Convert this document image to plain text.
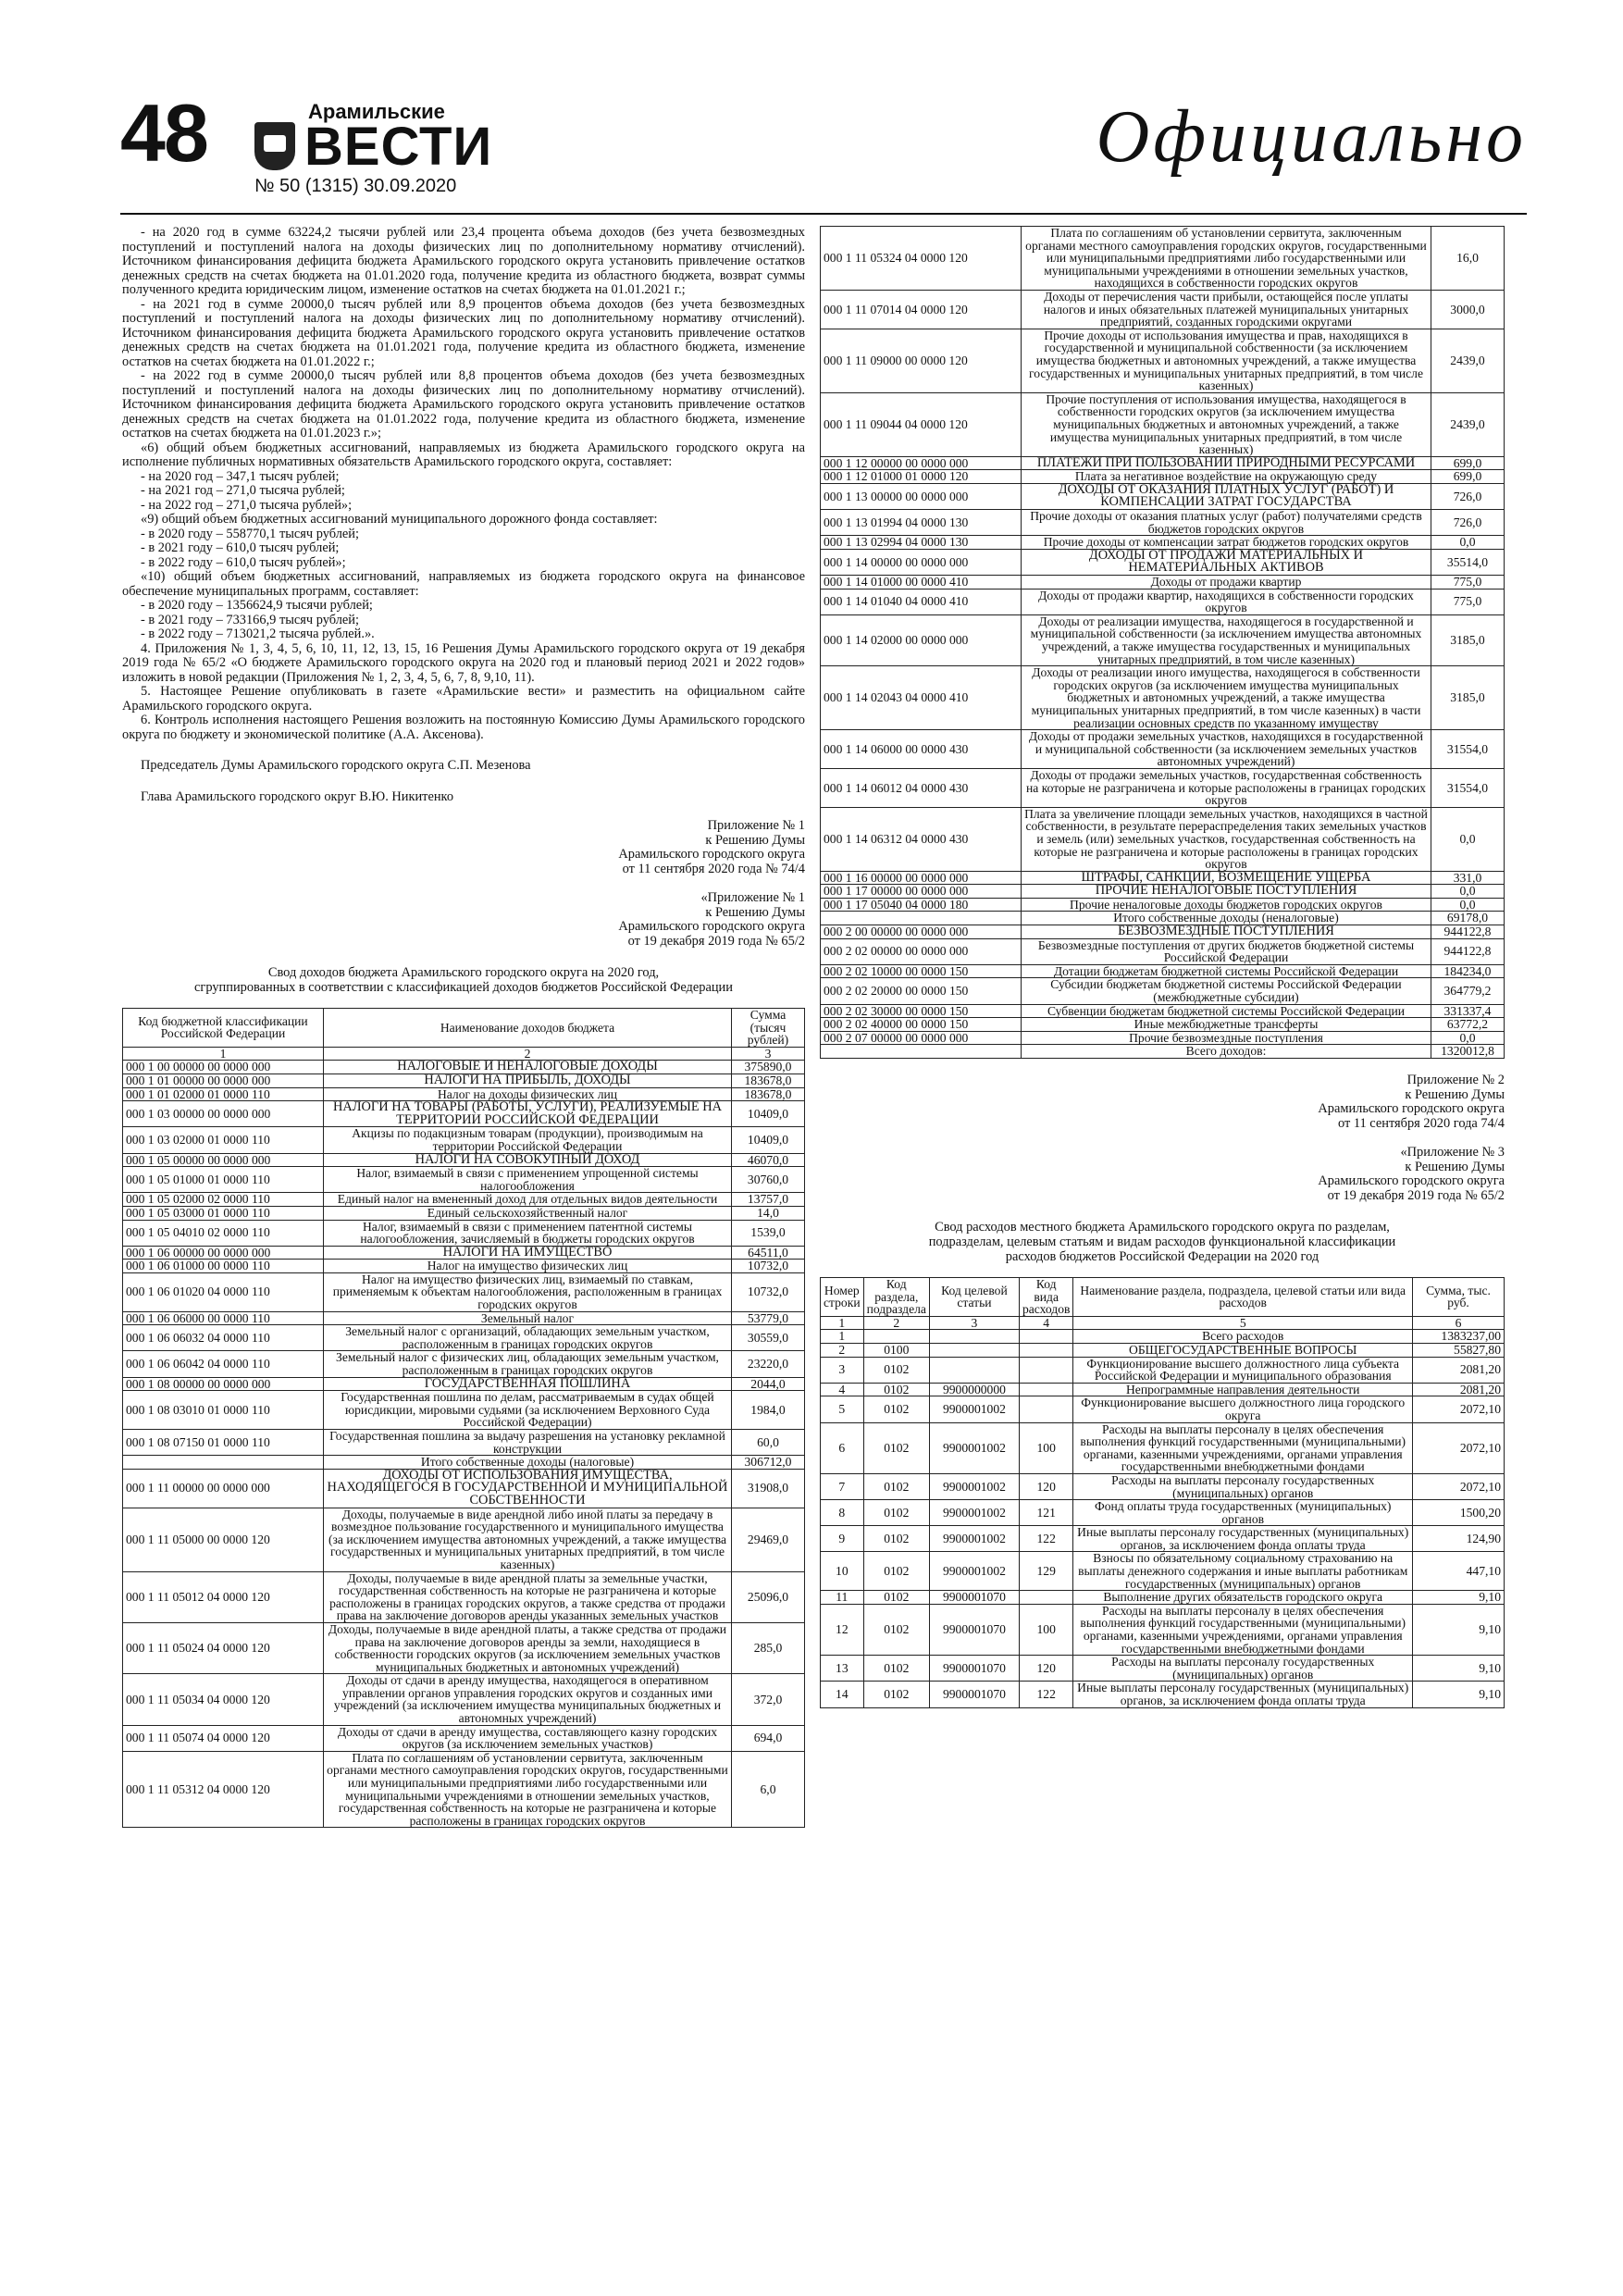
48	Арамильские
ВЕСТИ
№ 50 (1315) 30.09.2020
Официально

- на 2020 год в сумме 63224,2 тысячи рублей или 23,4 процента объема доходов (без учета безвозмездных поступлений и поступлений налога на доходы физических лиц по дополнительному нормативу отчислений). Источником финансирования дефицита бюджета Арамильского городского округа установить привлечение остатков денежных средств на счетах бюджета на 01.01.2020 года, получение кредита из областного бюджета, возврат суммы полученного кредита юридическим лицом, изменение остатков на счетах бюджета на 01.01.2021 г.;

- на 2021 год в сумме 20000,0 тысяч рублей или 8,9 процентов объема доходов (без учета безвозмездных поступлений и поступлений налога на доходы физических лиц по дополнительному нормативу отчислений). Источником финансирования дефицита бюджета Арамильского городского округа установить привлечение остатков денежных средств на счетах бюджета на 01.01.2021 года, получение кредита из областного бюджета, изменение остатков на счетах бюджета на 01.01.2022 г.;

- на 2022 год в сумме 20000,0 тысяч рублей или 8,8 процентов объема доходов (без учета безвозмездных поступлений и поступлений налога на доходы физических лиц по дополнительному нормативу отчислений). Источником финансирования дефицита бюджета Арамильского городского округа установить привлечение остатков денежных средств на счетах бюджета на 01.01.2022 года, получение кредита из областного бюджета, изменение остатков на счетах бюджета на 01.01.2023 г.»;

«6) общий объем бюджетных ассигнований, направляемых из бюджета Арамильского городского округа на исполнение публичных нормативных обязательств Арамильского городского округа, составляет:

- на 2020 год – 347,1 тысяч рублей;

- на 2021 год – 271,0 тысяча рублей;

- на 2022 год – 271,0 тысяча рублей»;

«9) общий объем бюджетных ассигнований муниципального дорожного фонда составляет:

- в 2020 году – 558770,1 тысяч рублей;

- в 2021 году – 610,0 тысяч рублей;

- в 2022 году – 610,0 тысяч рублей»;

«10) общий объем бюджетных ассигнований, направляемых из бюджета городского округа на финансовое обеспечение муниципальных программ, составляет:

- в 2020 году – 1356624,9 тысячи рублей;

- в 2021 году – 733166,9 тысяч рублей;

- в 2022 году – 713021,2 тысяча рублей.».

4. Приложения № 1, 3, 4, 5, 6, 10, 11, 12, 13, 15, 16 Решения Думы Арамильского городского округа от 19 декабря 2019 года № 65/2 «О бюджете Арамильского городского округа на 2020 год и плановый период 2021 и 2022 годов» изложить в новой редакции (Приложения № 1, 2, 3, 4, 5, 6, 7, 8, 9,10, 11).

5. Настоящее Решение опубликовать в газете «Арамильские вести» и разместить на официальном сайте Арамильского городского округа.

6. Контроль исполнения настоящего Решения возложить на постоянную Комиссию Думы Арамильского городского округа по бюджету и экономической политике (А.А. Аксенова).

Председатель Думы Арамильского городского округа С.П. Мезенова

Глава Арамильского городского округ В.Ю. Никитенко

Приложение № 1
к Решению Думы
Арамильского городского округа
от 11 сентября 2020 года № 74/4
«Приложение № 1
к Решению Думы
Арамильского городского округа
от 19 декабря 2019 года № 65/2
Свод доходов бюджета Арамильского городского округа на 2020 год,
сгруппированных в соответствии с классификацией доходов бюджетов Российской Федерации
Код бюджетной классификации Российской Федерации	Наименование доходов бюджета	Сумма (тысяч рублей)
1	2	3
000 1 00 00000 00 0000 000	НАЛОГОВЫЕ И НЕНАЛОГОВЫЕ ДОХОДЫ	375890,0
000 1 01 00000 00 0000 000	НАЛОГИ НА ПРИБЫЛЬ, ДОХОДЫ	183678,0
000 1 01 02000 01 0000 110	Налог на доходы физических лиц	183678,0
000 1 03 00000 00 0000 000	НАЛОГИ НА ТОВАРЫ (РАБОТЫ, УСЛУГИ), РЕАЛИЗУЕМЫЕ НА ТЕРРИТОРИИ РОССИЙСКОЙ ФЕДЕРАЦИИ	10409,0
000 1 03 02000 01 0000 110	Акцизы по подакцизным товарам (продукции), производимым на территории Российской Федерации	10409,0
000 1 05 00000 00 0000 000	НАЛОГИ НА СОВОКУПНЫЙ ДОХОД	46070,0
000 1 05 01000 01 0000 110	Налог, взимаемый в связи с применением упрощенной системы налогообложения	30760,0
000 1 05 02000 02 0000 110	Единый налог на вмененный доход для отдельных видов деятельности	13757,0
000 1 05 03000 01 0000 110	Единый сельскохозяйственный налог	14,0
000 1 05 04010 02 0000 110	Налог, взимаемый в связи с применением патентной системы налогообложения, зачисляемый в бюджеты городских округов	1539,0
000 1 06 00000 00 0000 000	НАЛОГИ НА ИМУЩЕСТВО	64511,0
000 1 06 01000 00 0000 110	Налог на имущество физических лиц	10732,0
000 1 06 01020 04 0000 110	Налог на имущество физических лиц, взимаемый по ставкам, применяемым к объектам налогообложения, расположенным в границах городских округов	10732,0
000 1 06 06000 00 0000 110	Земельный налог	53779,0
000 1 06 06032 04 0000 110	Земельный налог с организаций, обладающих земельным участком, расположенным в границах городских округов	30559,0
000 1 06 06042 04 0000 110	Земельный налог с физических лиц, обладающих земельным участком, расположенным в границах городских округов	23220,0
000 1 08 00000 00 0000 000	ГОСУДАРСТВЕННАЯ ПОШЛИНА	2044,0
000 1 08 03010 01 0000 110	Государственная пошлина по делам, рассматриваемым в судах общей юрисдикции, мировыми судьями (за исключением Верховного Суда Российской Федерации)	1984,0
000 1 08 07150 01 0000 110	Государственная пошлина за выдачу разрешения на установку рекламной конструкции	60,0
	Итого собственные доходы (налоговые)	306712,0
000 1 11 00000 00 0000 000	ДОХОДЫ ОТ ИСПОЛЬЗОВАНИЯ ИМУЩЕСТВА, НАХОДЯЩЕГОСЯ В ГОСУДАРСТВЕННОЙ И МУНИЦИПАЛЬНОЙ СОБСТВЕННОСТИ	31908,0
000 1 11 05000 00 0000 120	Доходы, получаемые в виде арендной либо иной платы за передачу в возмездное пользование государственного и муниципального имущества (за исключением имущества автономных учреждений, а также имущества государственных и муниципальных унитарных предприятий, в том числе казенных)	29469,0
000 1 11 05012 04 0000 120	Доходы, получаемые в виде арендной платы за земельные участки, государственная собственность на которые не разграничена и которые расположены в границах городских округов, а также средства от продажи права на заключение договоров аренды указанных земельных участков	25096,0
000 1 11 05024 04 0000 120	Доходы, получаемые в виде арендной платы, а также средства от продажи права на заключение договоров аренды за земли, находящиеся в собственности городских округов (за исключением земельных участков муниципальных бюджетных и автономных учреждений)	285,0
000 1 11 05034 04 0000 120	Доходы от сдачи в аренду имущества, находящегося в оперативном управлении органов управления городских округов и созданных ими учреждений (за исключением имущества муниципальных бюджетных и автономных учреждений)	372,0
000 1 11 05074 04 0000 120	Доходы от сдачи в аренду имущества, составляющего казну городских округов (за исключением земельных участков)	694,0
000 1 11 05312 04 0000 120	Плата по соглашениям об установлении сервитута, заключенным органами местного самоуправления городских округов, государственными или муниципальными предприятиями либо государственными или муниципальными учреждениями в отношении земельных участков, государственная собственность на которые не разграничена и которые расположены в границах городских округов	6,0
000 1 11 05324 04 0000 120	Плата по соглашениям об установлении сервитута, заключенным органами местного самоуправления городских округов, государственными или муниципальными предприятиями либо государственными или муниципальными учреждениями в отношении земельных участков, находящихся в собственности городских округов	16,0
000 1 11 07014 04 0000 120	Доходы от перечисления части прибыли, остающейся после уплаты налогов и иных обязательных платежей муниципальных унитарных предприятий, созданных городскими округами	3000,0
000 1 11 09000 00 0000 120	Прочие доходы от использования имущества и прав, находящихся в государственной и муниципальной собственности (за исключением имущества бюджетных и автономных учреждений, а также имущества государственных и муниципальных унитарных предприятий, в том числе казенных)	2439,0
000 1 11 09044 04 0000 120	Прочие поступления от использования имущества, находящегося в собственности городских округов (за исключением имущества муниципальных бюджетных и автономных учреждений, а также имущества муниципальных унитарных предприятий, в том числе казенных)	2439,0
000 1 12 00000 00 0000 000	ПЛАТЕЖИ ПРИ ПОЛЬЗОВАНИИ ПРИРОДНЫМИ РЕСУРСАМИ	699,0
000 1 12 01000 01 0000 120	Плата за негативное воздействие на окружающую среду	699,0
000 1 13 00000 00 0000 000	ДОХОДЫ ОТ ОКАЗАНИЯ ПЛАТНЫХ УСЛУГ (РАБОТ) И КОМПЕНСАЦИИ ЗАТРАТ ГОСУДАРСТВА	726,0
000 1 13 01994 04 0000 130	Прочие доходы от оказания платных услуг (работ) получателями средств бюджетов городских округов	726,0
000 1 13 02994 04 0000 130	Прочие доходы от компенсации затрат бюджетов городских округов	0,0
000 1 14 00000 00 0000 000	ДОХОДЫ ОТ ПРОДАЖИ МАТЕРИАЛЬНЫХ И НЕМАТЕРИАЛЬНЫХ АКТИВОВ	35514,0
000 1 14 01000 00 0000 410	Доходы от продажи квартир	775,0
000 1 14 01040 04 0000 410	Доходы от продажи квартир, находящихся в собственности городских округов	775,0
000 1 14 02000 00 0000 000	Доходы от реализации имущества, находящегося в государственной и муниципальной собственности (за исключением имущества автономных учреждений, а также имущества государственных и муниципальных унитарных предприятий, в том числе казенных)	3185,0
000 1 14 02043 04 0000 410	Доходы от реализации иного имущества, находящегося в собственности городских округов (за исключением имущества муниципальных бюджетных и автономных учреждений, а также имущества муниципальных унитарных предприятий, в том числе казенных) в части реализации основных средств по указанному имуществу	3185,0
000 1 14 06000 00 0000 430	Доходы от продажи земельных участков, находящихся в государственной и муниципальной собственности (за исключением земельных участков автономных учреждений)	31554,0
000 1 14 06012 04 0000 430	Доходы от продажи земельных участков, государственная собственность на которые не разграничена и которые расположены в границах городских округов	31554,0
000 1 14 06312 04 0000 430	Плата за увеличение площади земельных участков, находящихся в частной собственности, в результате перераспределения таких земельных участков и земель (или) земельных участков, государственная собственность на которые не разграничена и которые расположены в границах городских округов	0,0
000 1 16 00000 00 0000 000	ШТРАФЫ, САНКЦИИ, ВОЗМЕЩЕНИЕ УЩЕРБА	331,0
000 1 17 00000 00 0000 000	ПРОЧИЕ НЕНАЛОГОВЫЕ ПОСТУПЛЕНИЯ	0,0
000 1 17 05040 04 0000 180	Прочие неналоговые доходы бюджетов городских округов	0,0
	Итого собственные доходы (неналоговые)	69178,0
000 2 00 00000 00 0000 000	БЕЗВОЗМЕЗДНЫЕ ПОСТУПЛЕНИЯ	944122,8
000 2 02 00000 00 0000 000	Безвозмездные поступления от других бюджетов бюджетной системы Российской Федерации	944122,8
000 2 02 10000 00 0000 150	Дотации бюджетам бюджетной системы Российской Федерации	184234,0
000 2 02 20000 00 0000 150	Субсидии бюджетам бюджетной системы Российской Федерации (межбюджетные субсидии)	364779,2
000 2 02 30000 00 0000 150	Субвенции бюджетам бюджетной системы Российской Федерации	331337,4
000 2 02 40000 00 0000 150	Иные межбюджетные трансферты	63772,2
000 2 07 00000 00 0000 000	Прочие безвозмездные поступления	0,0
	Всего доходов:	1320012,8
Приложение № 2
к Решению Думы
Арамильского городского округа
от 11 сентября 2020 года 74/4
«Приложение № 3
к Решению Думы
Арамильского городского округа
от 19 декабря 2019 года № 65/2
Свод расходов местного бюджета Арамильского городского округа по разделам,
подразделам, целевым статьям и видам расходов функциональной классификации
расходов бюджетов Российской Федерации на 2020 год
Номер строки	Код раздела, подраздела	Код целевой статьи	Код вида расходов	Наименование раздела, подраздела, целевой статьи или вида расходов	Сумма, тыс. руб.
1	2	3	4	5	6
1				Всего расходов	1383237,00
2	0100			ОБЩЕГОСУДАРСТВЕННЫЕ ВОПРОСЫ	55827,80
3	0102			Функционирование высшего должностного лица субъекта Российской Федерации и муниципального образования	2081,20
4	0102	9900000000		Непрограммные направления деятельности	2081,20
5	0102	9900001002		Функционирование высшего должностного лица городского округа	2072,10
6	0102	9900001002	100	Расходы на выплаты персоналу в целях обеспечения выполнения функций государственными (муниципальными) органами, казенными учреждениями, органами управления государственными внебюджетными фондами	2072,10
7	0102	9900001002	120	Расходы на выплаты персоналу государственных (муниципальных) органов	2072,10
8	0102	9900001002	121	Фонд оплаты труда государственных (муниципальных) органов	1500,20
9	0102	9900001002	122	Иные выплаты персоналу государственных (муниципальных) органов, за исключением фонда оплаты труда	124,90
10	0102	9900001002	129	Взносы по обязательному социальному страхованию на выплаты денежного содержания и иные выплаты работникам государственных (муниципальных) органов	447,10
11	0102	9900001070		Выполнение других обязательств городского округа	9,10
12	0102	9900001070	100	Расходы на выплаты персоналу в целях обеспечения выполнения функций государственными (муниципальными) органами, казенными учреждениями, органами управления государственными внебюджетными фондами	9,10
13	0102	9900001070	120	Расходы на выплаты персоналу государственных (муниципальных) органов	9,10
14	0102	9900001070	122	Иные выплаты персоналу государственных (муниципальных) органов, за исключением фонда оплаты труда	9,10
